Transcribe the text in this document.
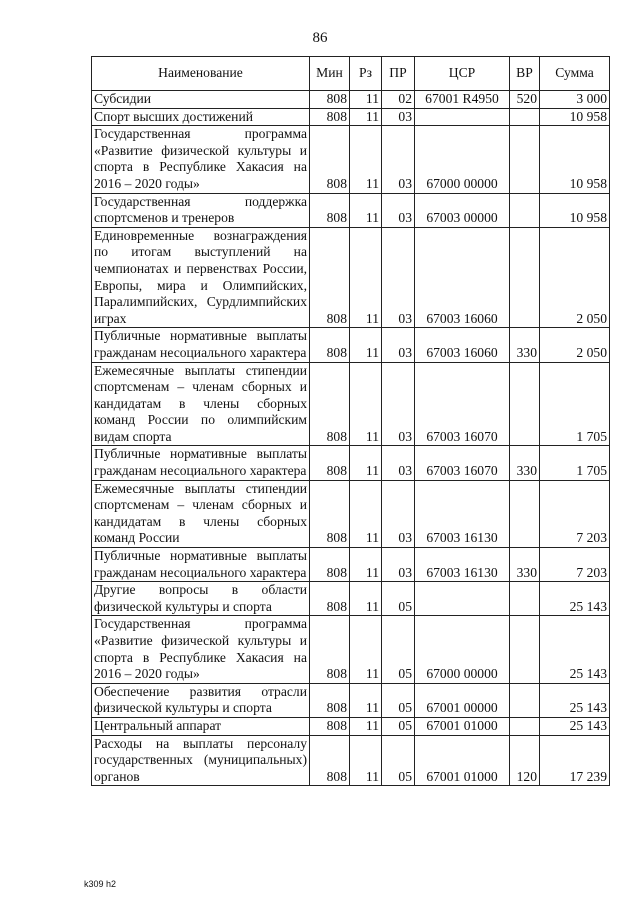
86
Наименование	Мин	Рз	ПР	ЦСР	ВР	Сумма
Субсидии	808	11	02	67001 R4950	520	3 000
Спорт высших достижений	808	11	03			10 958
Государственная программа «Развитие физической культуры и спорта в Республике Хакасия на 2016 – 2020 годы»	808	11	03	67000 00000		10 958
Государственная поддержка спортсменов и тренеров	808	11	03	67003 00000		10 958
Единовременные вознаграждения по итогам выступлений на чемпионатах и первенствах России, Европы, мира и Олимпийских, Паралимпийских, Сурдлимпийских играх	808	11	03	67003 16060		2 050
Публичные нормативные выплаты гражданам несоциального характера	808	11	03	67003 16060	330	2 050
Ежемесячные выплаты стипендии спортсменам – членам сборных и кандидатам в члены сборных команд России по олимпийским видам спорта	808	11	03	67003 16070		1 705
Публичные нормативные выплаты гражданам несоциального характера	808	11	03	67003 16070	330	1 705
Ежемесячные выплаты стипендии спортсменам – членам сборных и кандидатам в члены сборных команд России	808	11	03	67003 16130		7 203
Публичные нормативные выплаты гражданам несоциального характера	808	11	03	67003 16130	330	7 203
Другие вопросы в области физической культуры и спорта	808	11	05			25 143
Государственная программа «Развитие физической культуры и спорта в Республике Хакасия на 2016 – 2020 годы»	808	11	05	67000 00000		25 143
Обеспечение развития отрасли физической культуры и спорта	808	11	05	67001 00000		25 143
Центральный аппарат	808	11	05	67001 01000		25 143
Расходы на выплаты персоналу государственных (муниципальных) органов	808	11	05	67001 01000	120	17 239
k309 h2
